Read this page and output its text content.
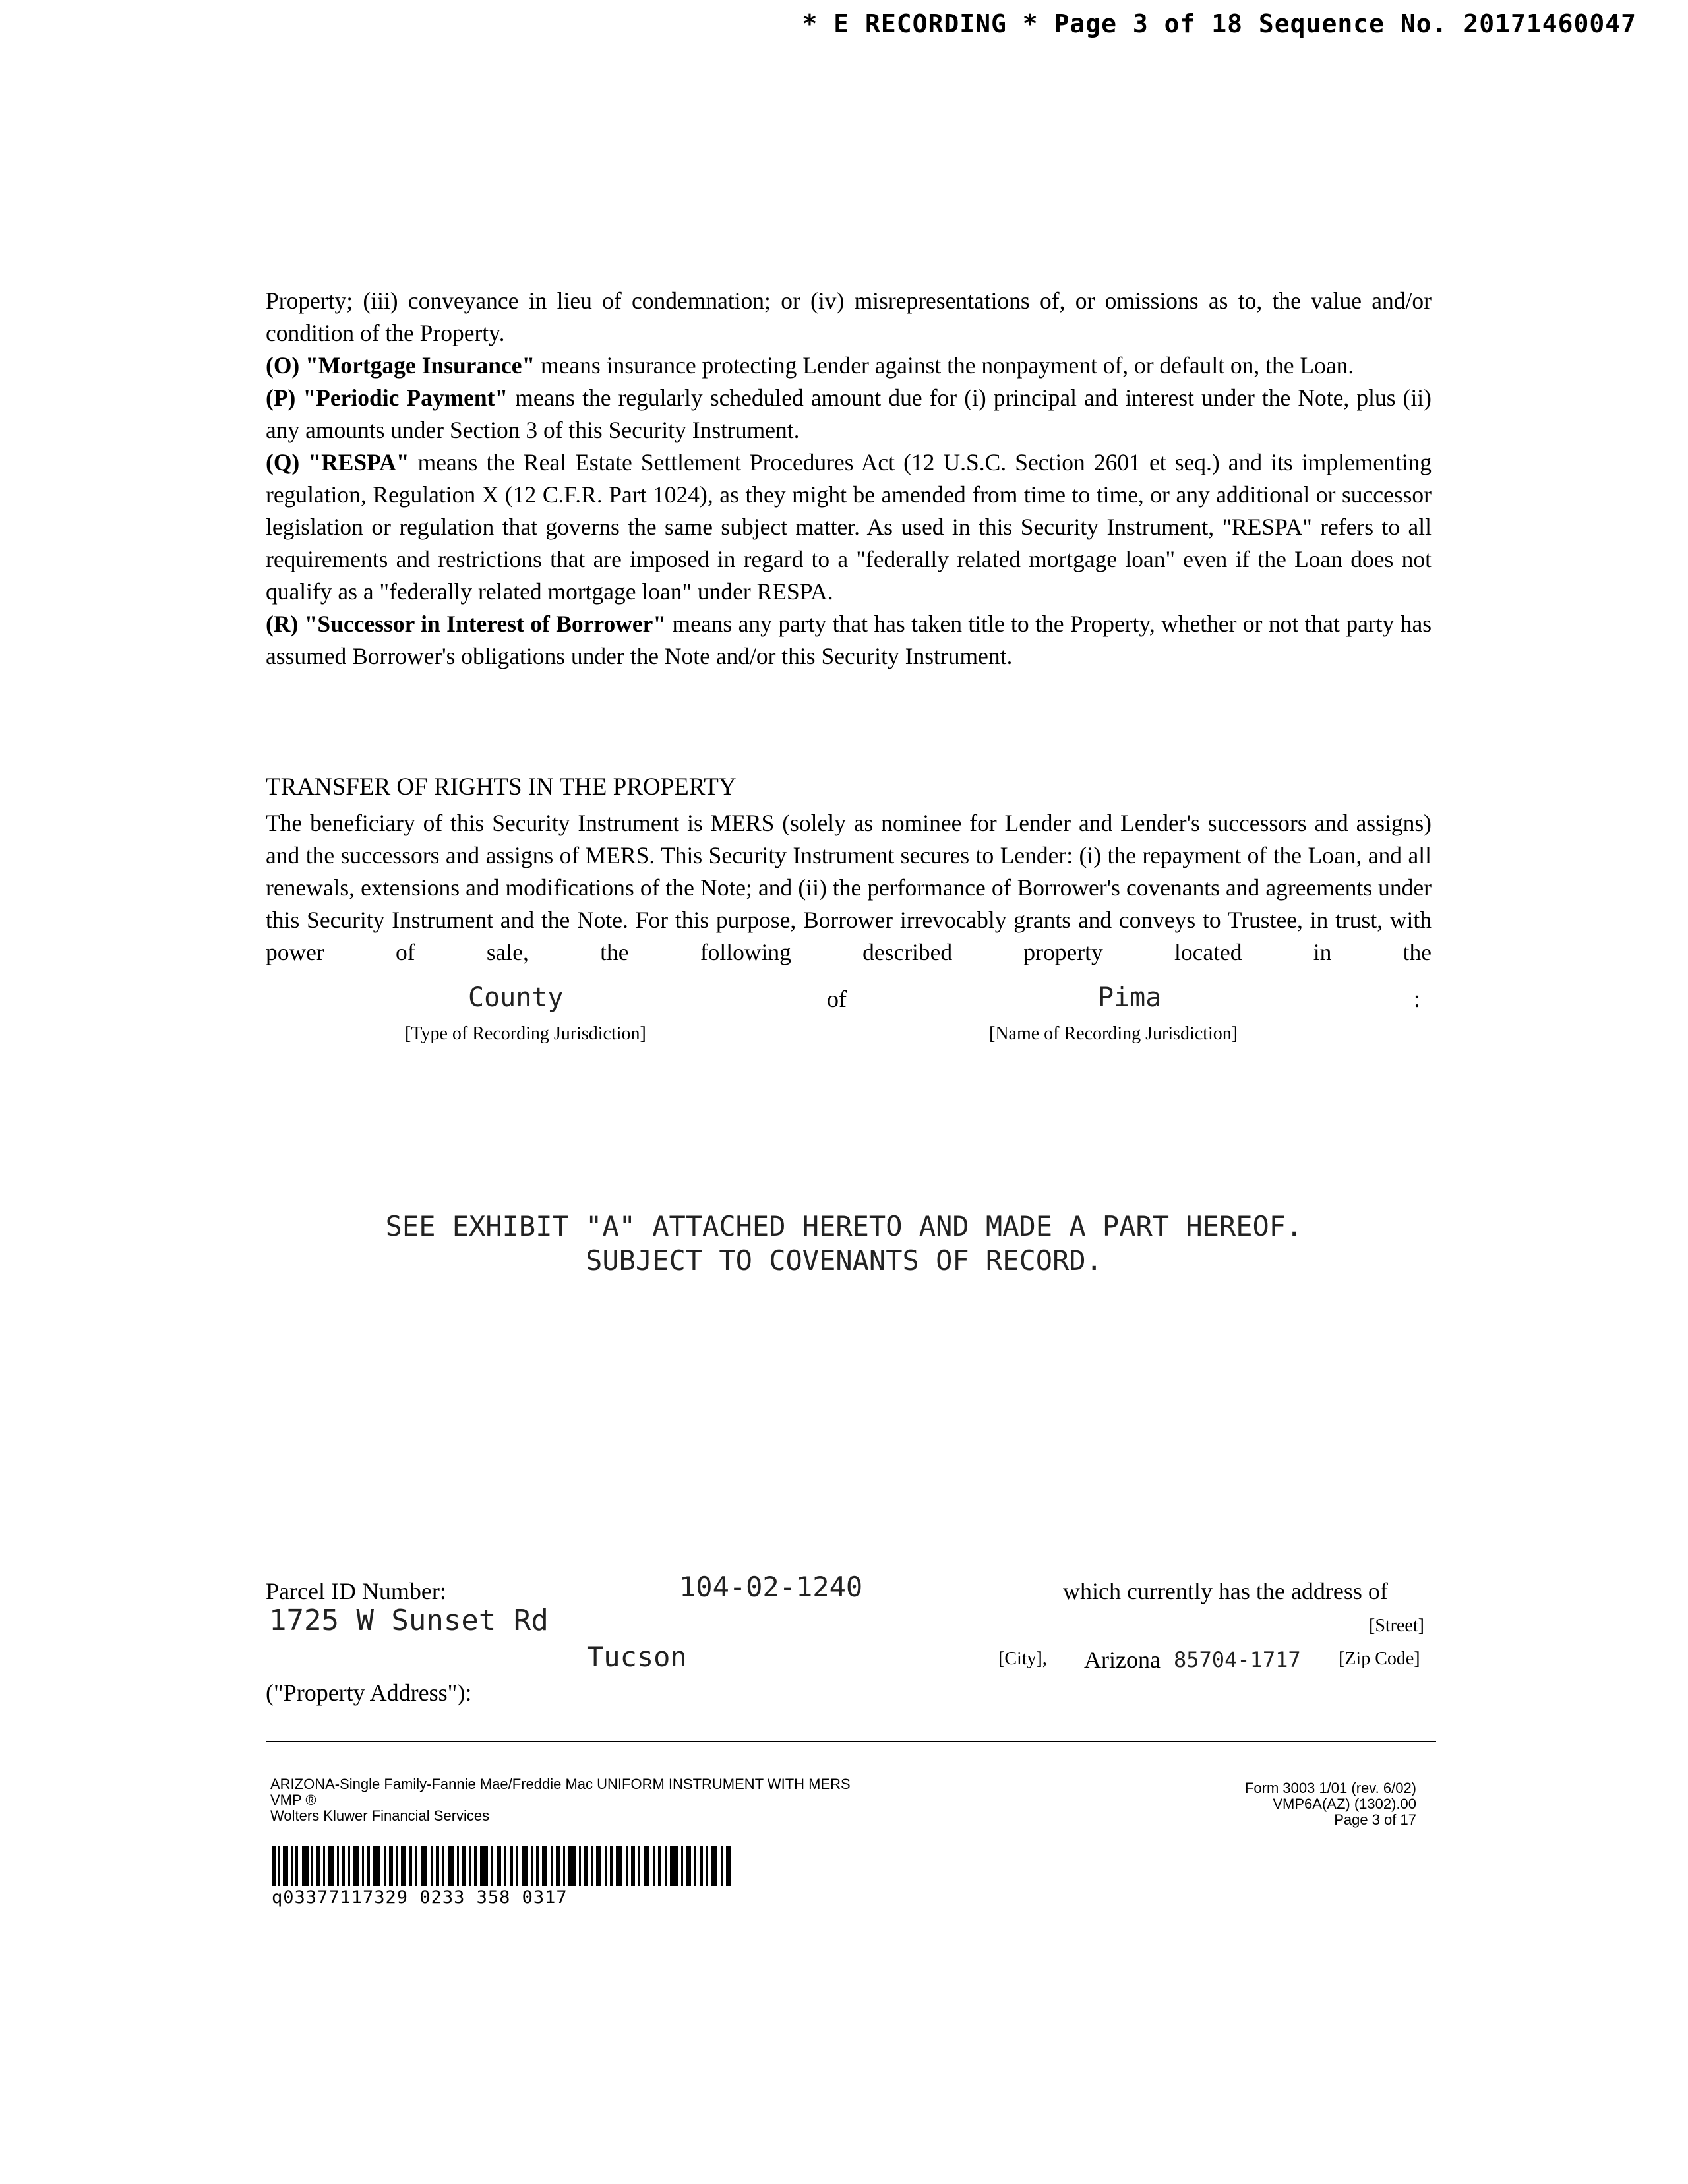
* E RECORDING * Page 3 of 18 Sequence No. 20171460047

Property; (iii) conveyance in lieu of condemnation; or (iv) misrepresentations of, or omissions as to, the value and/or condition of the Property.

(O) "Mortgage Insurance" means insurance protecting Lender against the nonpayment of, or default on, the Loan.

(P) "Periodic Payment" means the regularly scheduled amount due for (i) principal and interest under the Note, plus (ii) any amounts under Section 3 of this Security Instrument.

(Q) "RESPA" means the Real Estate Settlement Procedures Act (12 U.S.C. Section 2601 et seq.) and its implementing regulation, Regulation X (12 C.F.R. Part 1024), as they might be amended from time to time, or any additional or successor legislation or regulation that governs the same subject matter. As used in this Security Instrument, "RESPA" refers to all requirements and restrictions that are imposed in regard to a "federally related mortgage loan" even if the Loan does not qualify as a "federally related mortgage loan" under RESPA.

(R) "Successor in Interest of Borrower" means any party that has taken title to the Property, whether or not that party has assumed Borrower's obligations under the Note and/or this Security Instrument.

TRANSFER OF RIGHTS IN THE PROPERTY
The beneficiary of this Security Instrument is MERS (solely as nominee for Lender and Lender's successors and assigns) and the successors and assigns of MERS. This Security Instrument secures to Lender: (i) the repayment of the Loan, and all renewals, extensions and modifications of the Note; and (ii) the performance of Borrower's covenants and agreements under this Security Instrument and the Note. For this purpose, Borrower irrevocably grants and conveys to Trustee, in trust, with power of sale, the following described property located in the
County	of	Pima	:
[Type of Recording Jurisdiction]	[Name of Recording Jurisdiction]
SEE EXHIBIT "A" ATTACHED HERETO AND MADE A PART HEREOF.
SUBJECT TO COVENANTS OF RECORD.
Parcel ID Number:	104-02-1240	which currently has the address of
1725 W Sunset Rd	[Street]
Tucson	[City], Arizona 85704-1717 [Zip Code]
("Property Address"):
ARIZONA-Single Family-Fannie Mae/Freddie Mac UNIFORM INSTRUMENT WITH MERS
VMP ®
Wolters Kluwer Financial Services
Form 3003 1/01 (rev. 6/02)
VMP6A(AZ) (1302).00
Page 3 of 17
q03377117329 0233 358 0317
